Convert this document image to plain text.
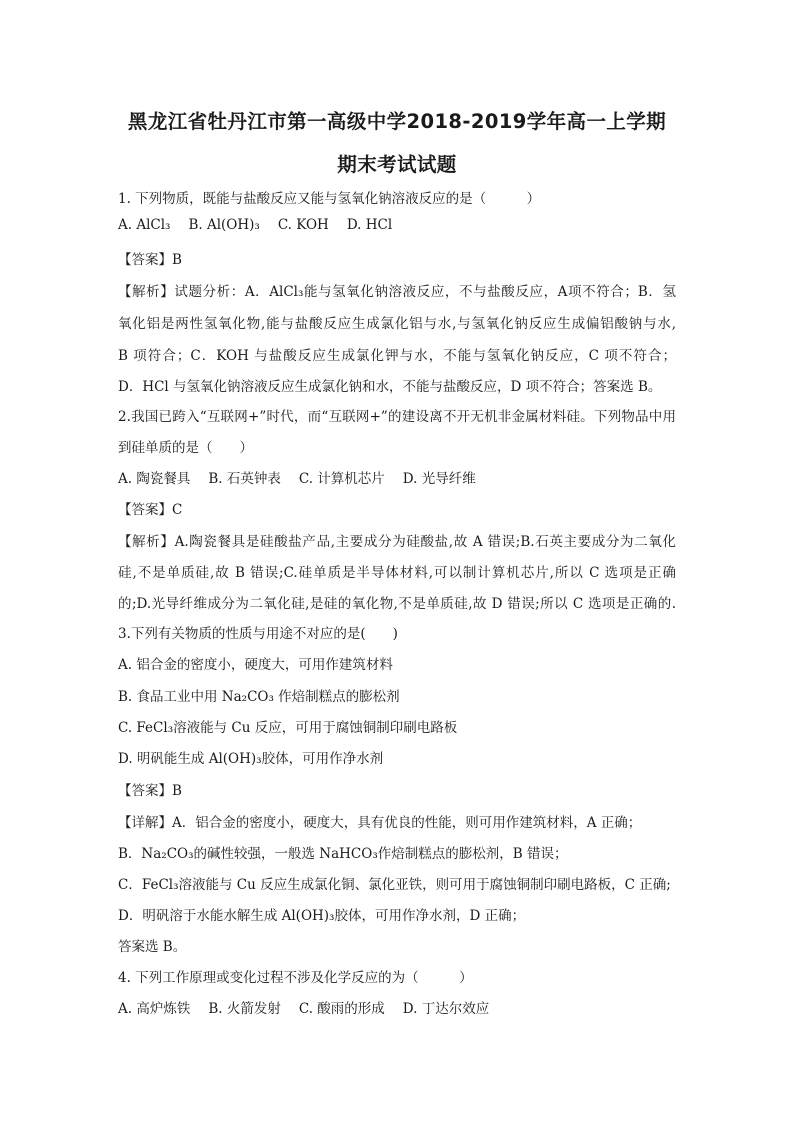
黑龙江省牡丹江市第一高级中学2018-2019学年高一上学期
期末考试试题
1. 下列物质，既能与盐酸反应又能与氢氧化钠溶液反应的是（　　　）
A. AlCl₃ B. Al(OH)₃ C. KOH D. HCl
【答案】B
【解析】试题分析：A．AlCl₃能与氢氧化钠溶液反应，不与盐酸反应，A项不符合；B．氢
氧化铝是两性氢氧化物,能与盐酸反应生成氯化铝与水,与氢氧化钠反应生成偏铝酸钠与水,
B 项符合；C．KOH 与盐酸反应生成氯化钾与水，不能与氢氧化钠反应，C 项不符合；
D．HCl 与氢氧化钠溶液反应生成氯化钠和水，不能与盐酸反应，D 项不符合；答案选 B。
2.我国已跨入“互联网+”时代，而“互联网+”的建设离不开无机非金属材料硅。下列物品中用
到硅单质的是（　　）
A. 陶瓷餐具 B. 石英钟表 C. 计算机芯片 D. 光导纤维
【答案】C
【解析】A.陶瓷餐具是硅酸盐产品,主要成分为硅酸盐,故 A 错误;B.石英主要成分为二氧化
硅,不是单质硅,故 B 错误;C.硅单质是半导体材料,可以制计算机芯片,所以 C 选项是正确
的;D.光导纤维成分为二氧化硅,是硅的氧化物,不是单质硅,故 D 错误;所以 C 选项是正确的.
3.下列有关物质的性质与用途不对应的是(　　)
A. 铝合金的密度小，硬度大，可用作建筑材料
B. 食品工业中用 Na₂CO₃ 作焙制糕点的膨松剂
C. FeCl₃溶液能与 Cu 反应，可用于腐蚀铜制印刷电路板
D. 明矾能生成 Al(OH)₃胶体，可用作净水剂
【答案】B
【详解】A．铝合金的密度小，硬度大，具有优良的性能，则可用作建筑材料，A 正确；
B．Na₂CO₃的碱性较强，一般选 NaHCO₃作焙制糕点的膨松剂，B 错误；
C．FeCl₃溶液能与 Cu 反应生成氯化铜、氯化亚铁，则可用于腐蚀铜制印刷电路板，C 正确;
D．明矾溶于水能水解生成 Al(OH)₃胶体，可用作净水剂，D 正确；
答案选 B。
4. 下列工作原理或变化过程不涉及化学反应的为（　　　）
A. 高炉炼铁 B. 火箭发射 C. 酸雨的形成 D. 丁达尔效应
